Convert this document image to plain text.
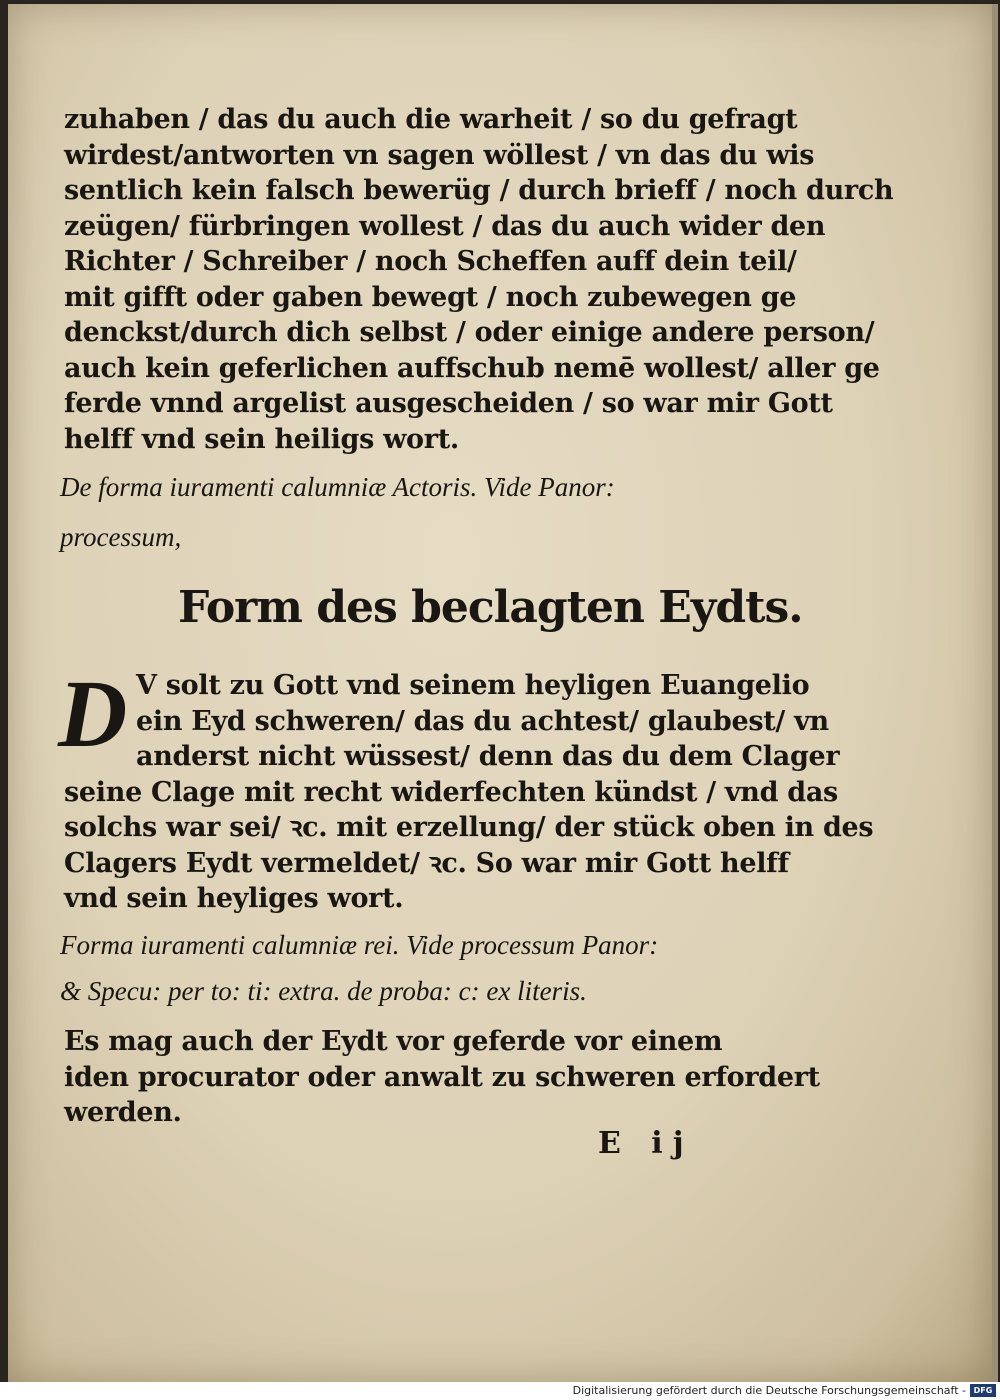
zuhaben / das du auch die warheit / so du gefragt
wirdest/antworten vn sagen wöllest / vn das du wis
sentlich kein falsch bewerüg / durch brieff / noch durch
zeügen/ fürbringen wollest / das du auch wider den
Richter / Schreiber / noch Scheffen auff dein teil/
mit gifft oder gaben bewegt / noch zubewegen ge
denckst/durch dich selbst / oder einige andere person/
auch kein geferlichen auffschub nemē wollest/ aller ge
ferde vnnd argelist ausgescheiden / so war mir Gott
helff vnd sein heiligs wort.
De forma iuramenti calumniæ Actoris. Vide Panor:
processum,
Form des beclagten Eydts.
D V solt zu Gott vnd seinem heyligen Euangelio
ein Eyd schweren/ das du achtest/ glaubest/ vn
anderst nicht wüssest/ denn das du dem Clager
seine Clage mit recht widerfechten kündst / vnd das
solchs war sei/ ꝛc. mit erzellung/ der stück oben in des
Clagers Eydt vermeldet/ ꝛc. So war mir Gott helff
vnd sein heyliges wort.
Forma iuramenti calumniæ rei. Vide processum Panor:
& Specu: per to: ti: extra. de proba: c: ex literis.
Es mag auch der Eydt vor geferde vor einem
iden procurator oder anwalt zu schweren erfordert
werden.
E ij
Digitalisierung gefördert durch die Deutsche Forschungsgemeinschaft - DFG
